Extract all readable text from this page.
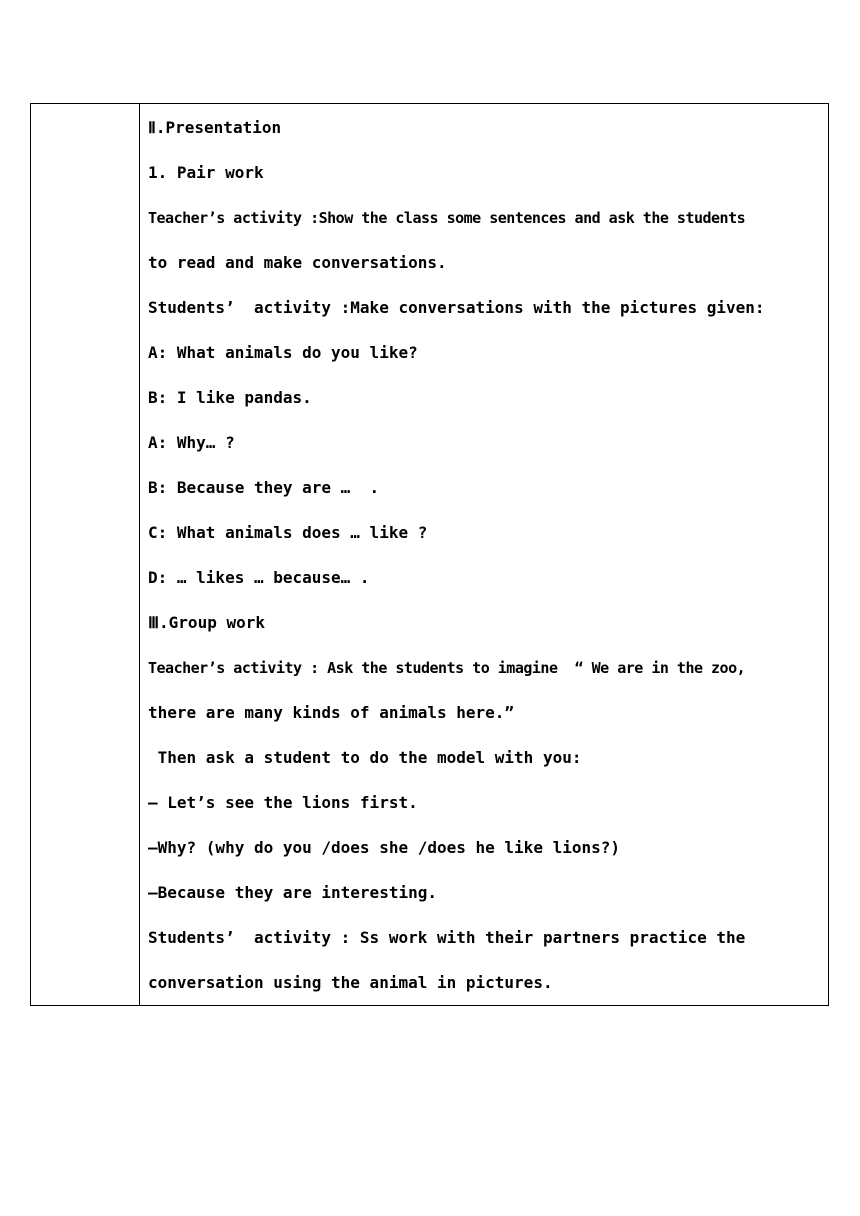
Ⅱ.Presentation
1. Pair work
Teacher’s activity :Show the class some sentences and ask the students
to read and make conversations.
Students’  activity :Make conversations with the pictures given:
A: What animals do you like?
B: I like pandas.
A: Why… ?
B: Because they are …  .
C: What animals does … like ?
D: … likes … because… .
Ⅲ.Group work
Teacher’s activity : Ask the students to imagine  “ We are in the zoo,
there are many kinds of animals here.”
Then ask a student to do the model with you:
— Let’s see the lions first.
—Why? (why do you /does she /does he like lions?)
—Because they are interesting.
Students’  activity : Ss work with their partners practice the
conversation using the animal in pictures.
